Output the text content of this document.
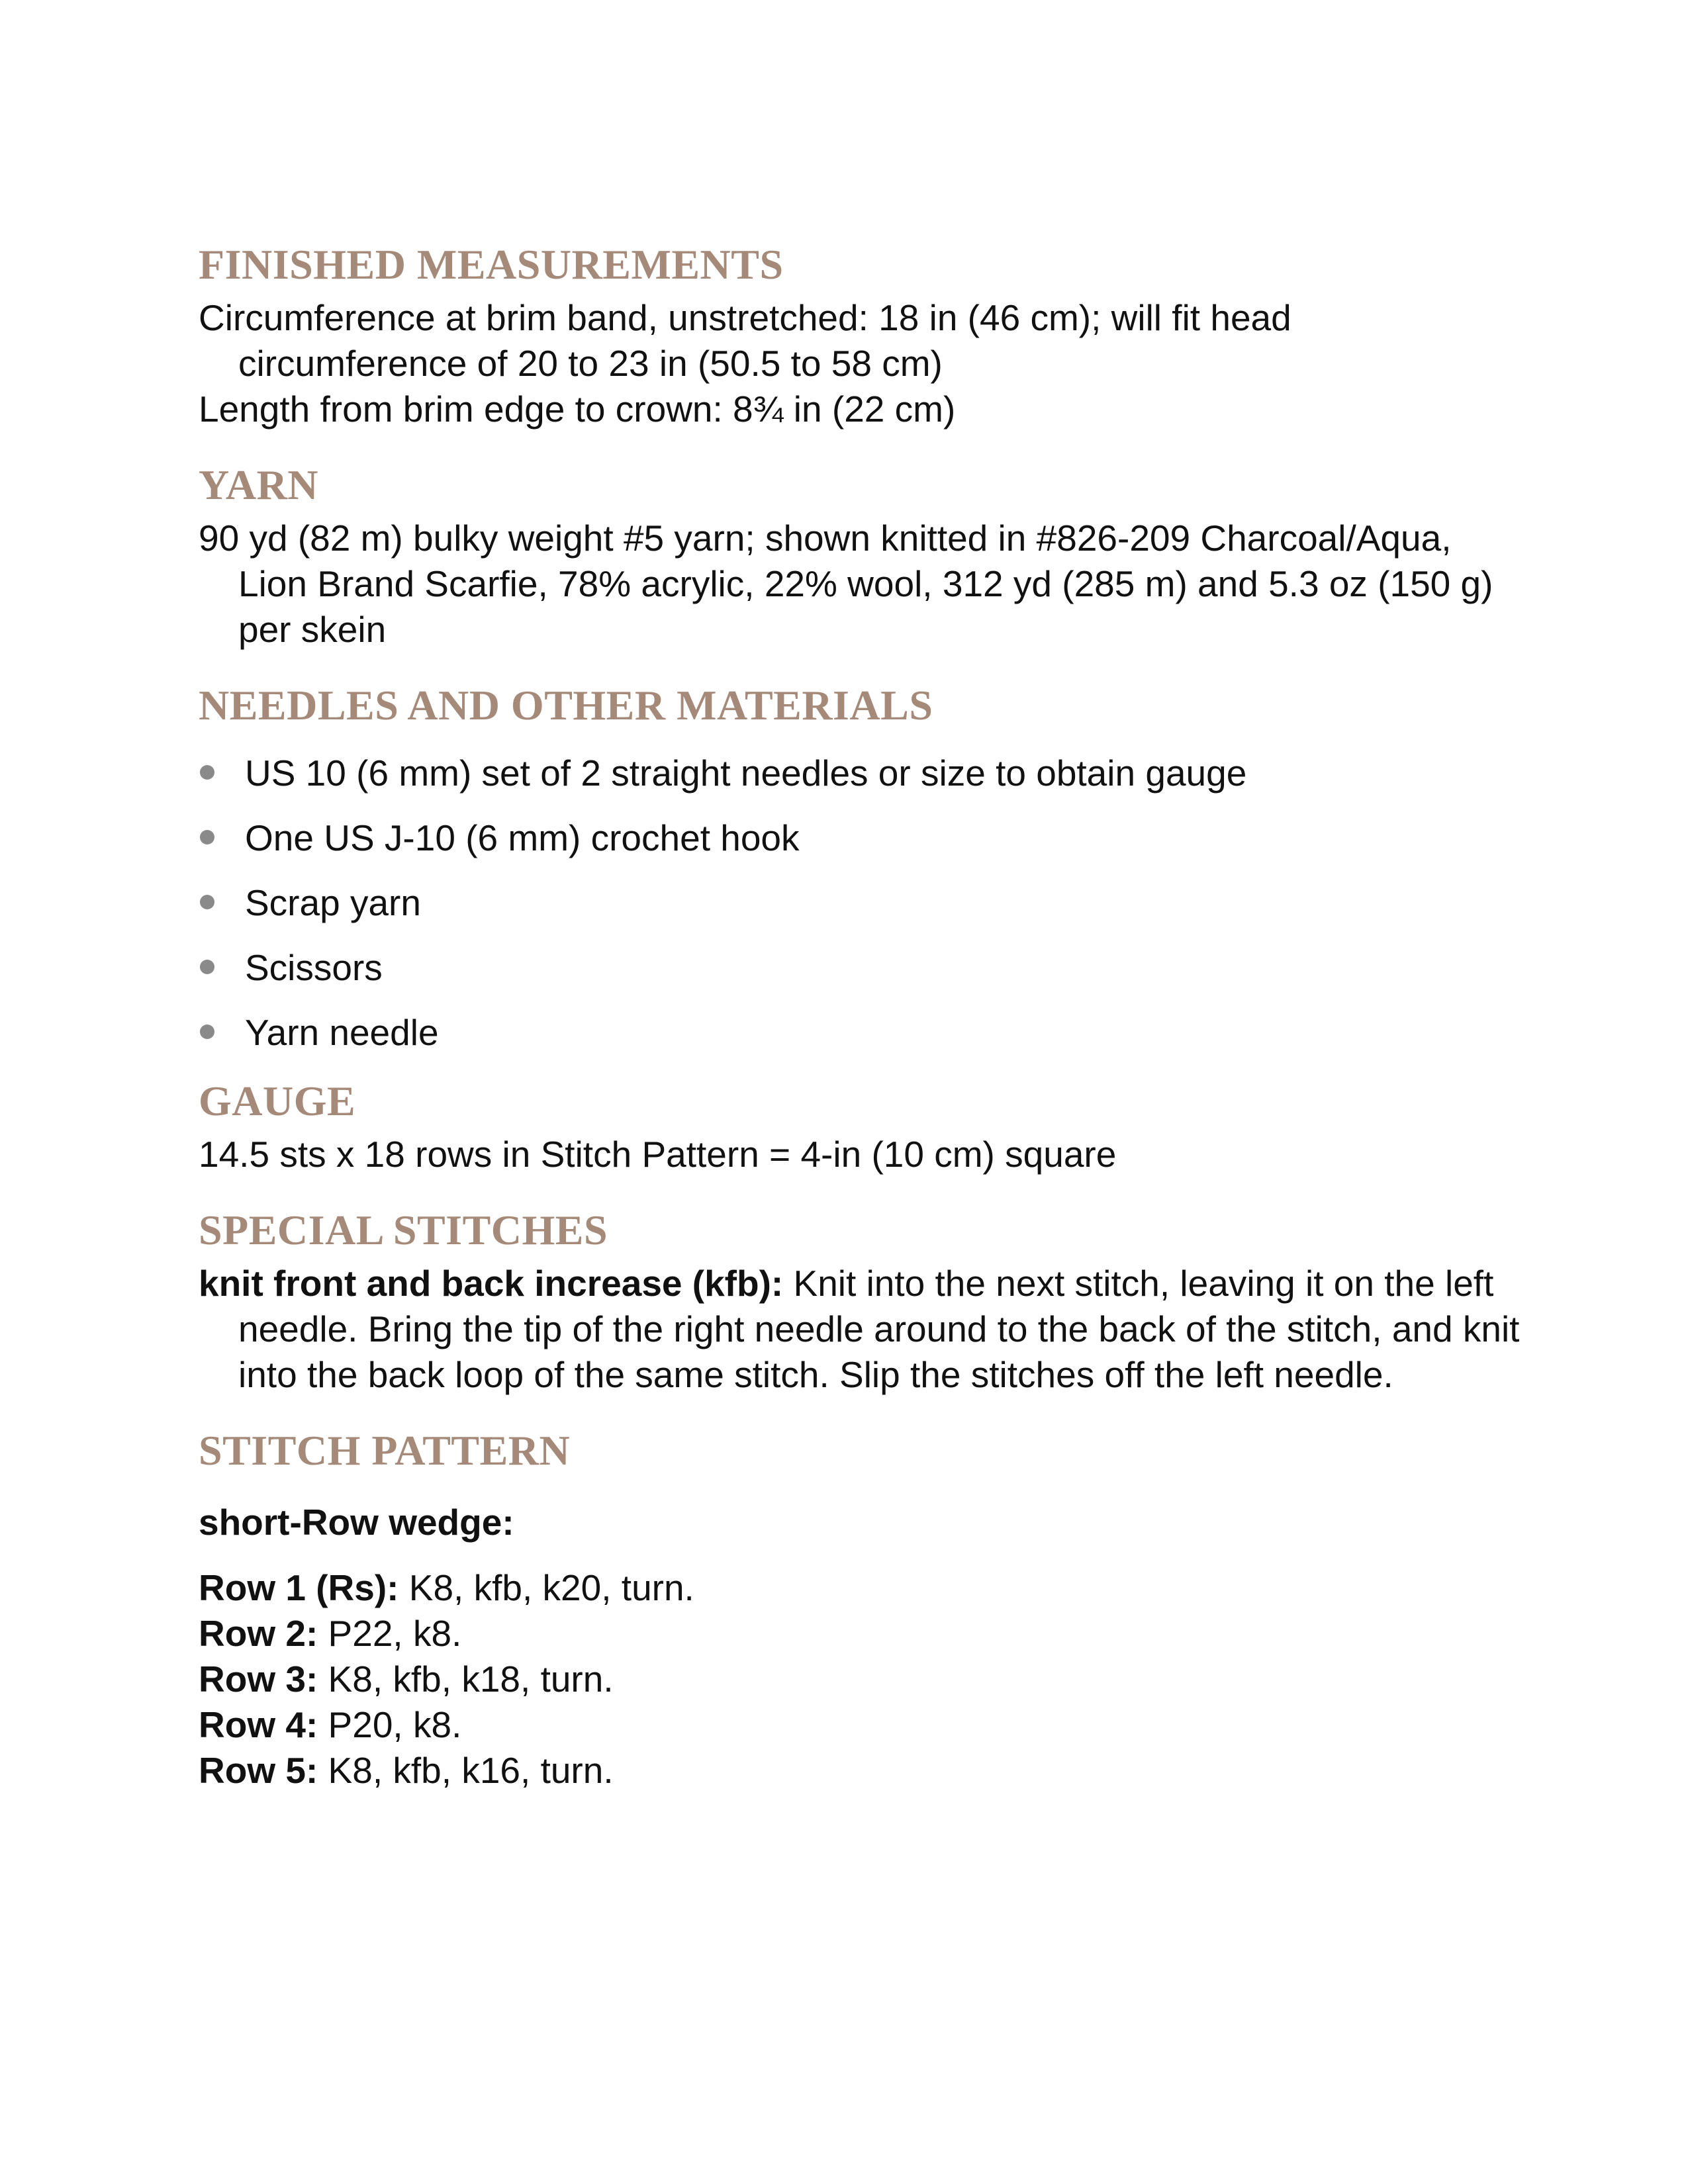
FINISHED MEASUREMENTS

Circumference at brim band, unstretched: 18 in (46 cm); will fit head circumference of 20 to 23 in (50.5 to 58 cm)

Length from brim edge to crown: 8¾ in (22 cm)

YARN

90 yd (82 m) bulky weight #5 yarn; shown knitted in #826-209 Charcoal/Aqua, Lion Brand Scarfie, 78% acrylic, 22% wool, 312 yd (285 m) and 5.3 oz (150 g) per skein

NEEDLES AND OTHER MATERIALS
US 10 (6 mm) set of 2 straight needles or size to obtain gauge
One US J-10 (6 mm) crochet hook
Scrap yarn
Scissors
Yarn needle
GAUGE

14.5 sts x 18 rows in Stitch Pattern = 4-in (10 cm) square

SPECIAL STITCHES

knit front and back increase (kfb): Knit into the next stitch, leaving it on the left needle. Bring the tip of the right needle around to the back of the stitch, and knit into the back loop of the same stitch. Slip the stitches off the left needle.

STITCH PATTERN

short-Row wedge:

Row 1 (Rs): K8, kfb, k20, turn.

Row 2: P22, k8.

Row 3: K8, kfb, k18, turn.

Row 4: P20, k8.

Row 5: K8, kfb, k16, turn.
